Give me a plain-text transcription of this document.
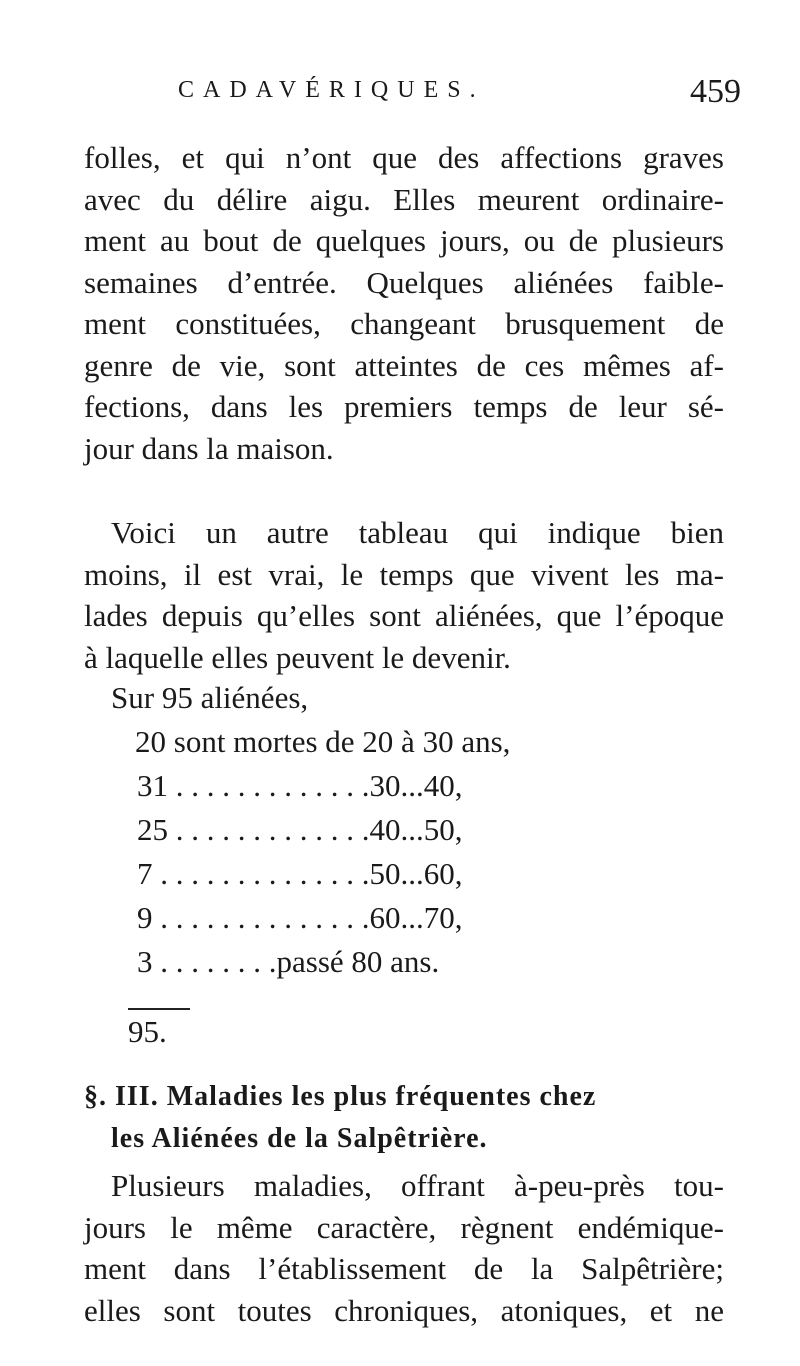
CADAVÉRIQUES.	459

folles, et qui n’ont que des affections graves
avec du délire aigu. Elles meurent ordinaire-
ment au bout de quelques jours, ou de plusieurs
semaines d’entrée. Quelques aliénées faible-
ment constituées, changeant brusquement de
genre de vie, sont atteintes de ces mêmes af-
fections, dans les premiers temps de leur sé-
jour dans la maison.

Voici un autre tableau qui indique bien
moins, il est vrai, le temps que vivent les ma-
lades depuis qu’elles sont aliénées, que l’époque
à laquelle elles peuvent le devenir.

Sur 95 aliénées,

20 sont mortes de 20 à 30 ans,

31 . . . . . . . . . . . . .30...40,
25 . . . . . . . . . . . . .40...50,
7 . . . . . . . . . . . . . .50...60,
9 . . . . . . . . . . . . . .60...70,
3 . . . . . . . .passé 80 ans.
95.
§. III. Maladies les plus fréquentes chez
les Aliénées de la Salpêtrière.

Plusieurs maladies, offrant à-peu-près tou-
jours le même caractère, règnent endémique-
ment dans l’établissement de la Salpêtrière;
elles sont toutes chroniques, atoniques, et ne
